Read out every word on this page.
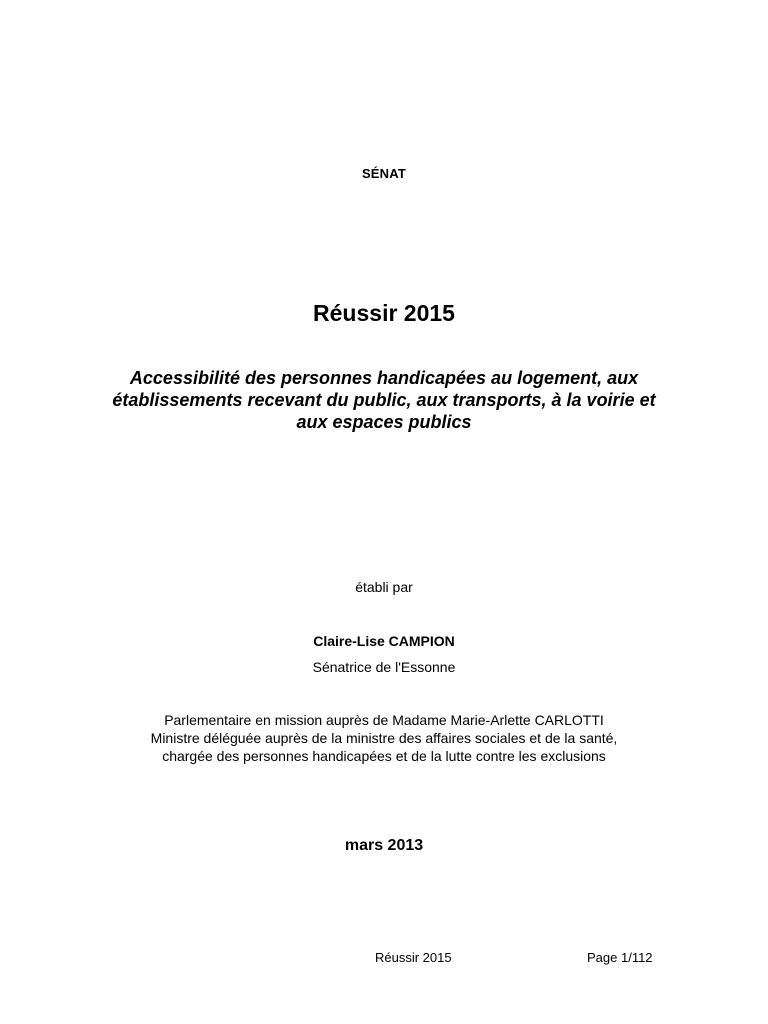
SÉNAT
Réussir 2015
Accessibilité des personnes handicapées au logement, aux
établissements recevant du public, aux transports, à la voirie et
aux espaces publics
établi par
Claire-Lise CAMPION
Sénatrice de l'Essonne
Parlementaire en mission auprès de Madame Marie-Arlette CARLOTTI
Ministre déléguée auprès de la ministre des affaires sociales et de la santé,
chargée des personnes handicapées et de la lutte contre les exclusions
mars 2013
Réussir 2015	Page 1/112
